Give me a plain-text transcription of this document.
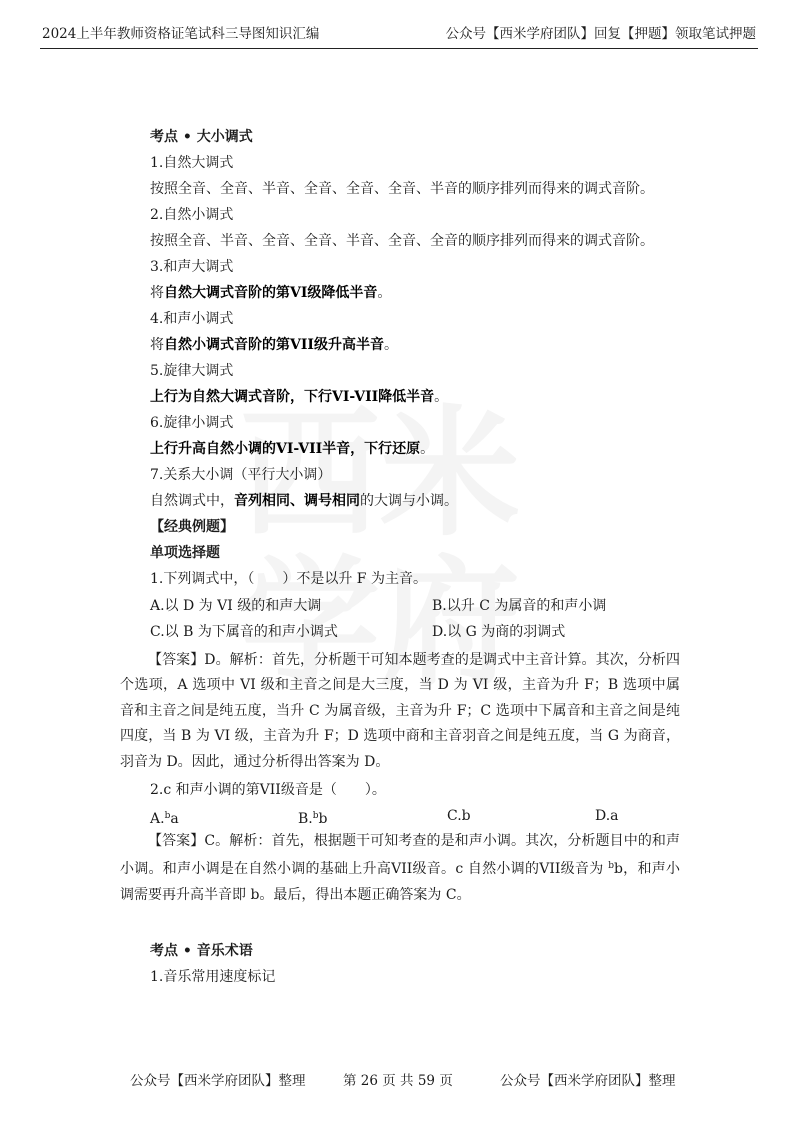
2024上半年教师资格证笔试科三导图知识汇编	公众号【西米学府团队】回复【押题】领取笔试押题
考点 • 大小调式
1.自然大调式
按照全音、全音、半音、全音、全音、全音、半音的顺序排列而得来的调式音阶。
2.自然小调式
按照全音、半音、全音、全音、半音、全音、全音的顺序排列而得来的调式音阶。
3.和声大调式
将自然大调式音阶的第VI级降低半音。
4.和声小调式
将自然小调式音阶的第VII级升高半音。
5.旋律大调式
上行为自然大调式音阶，下行VI-VII降低半音。
6.旋律小调式
上行升高自然小调的VI-VII半音，下行还原。
7.关系大小调（平行大小调）
自然调式中，音列相同、调号相同的大调与小调。
【经典例题】
单项选择题
1.下列调式中，（　　）不是以升 F 为主音。
A.以 D 为 VI 级的和声大调	B.以升 C 为属音的和声小调
C.以 B 为下属音的和声小调式	D.以 G 为商的羽调式
【答案】D。解析：首先，分析题干可知本题考查的是调式中主音计算。其次，分析四个选项，A 选项中 VI 级和主音之间是大三度，当 D 为 VI 级，主音为升 F；B 选项中属音和主音之间是纯五度，当升 C 为属音级，主音为升 F；C 选项中下属音和主音之间是纯四度，当 B 为 VI 级，主音为升 F；D 选项中商和主音羽音之间是纯五度，当 G 为商音，羽音为 D。因此，通过分析得出答案为 D。
2.c 和声小调的第VII级音是（　　）。
A.$^b$a	B.$^b$b	C.b	D.a
【答案】C。解析：首先，根据题干可知考查的是和声小调。其次，分析题目中的和声小调。和声小调是在自然小调的基础上升高VII级音。c 自然小调的VII级音为 $^b$b，和声小调需要再升高半音即 b。最后，得出本题正确答案为 C。
考点 • 音乐术语
1.音乐常用速度标记
公众号【西米学府团队】整理	第 26 页 共 59 页	公众号【西米学府团队】整理
